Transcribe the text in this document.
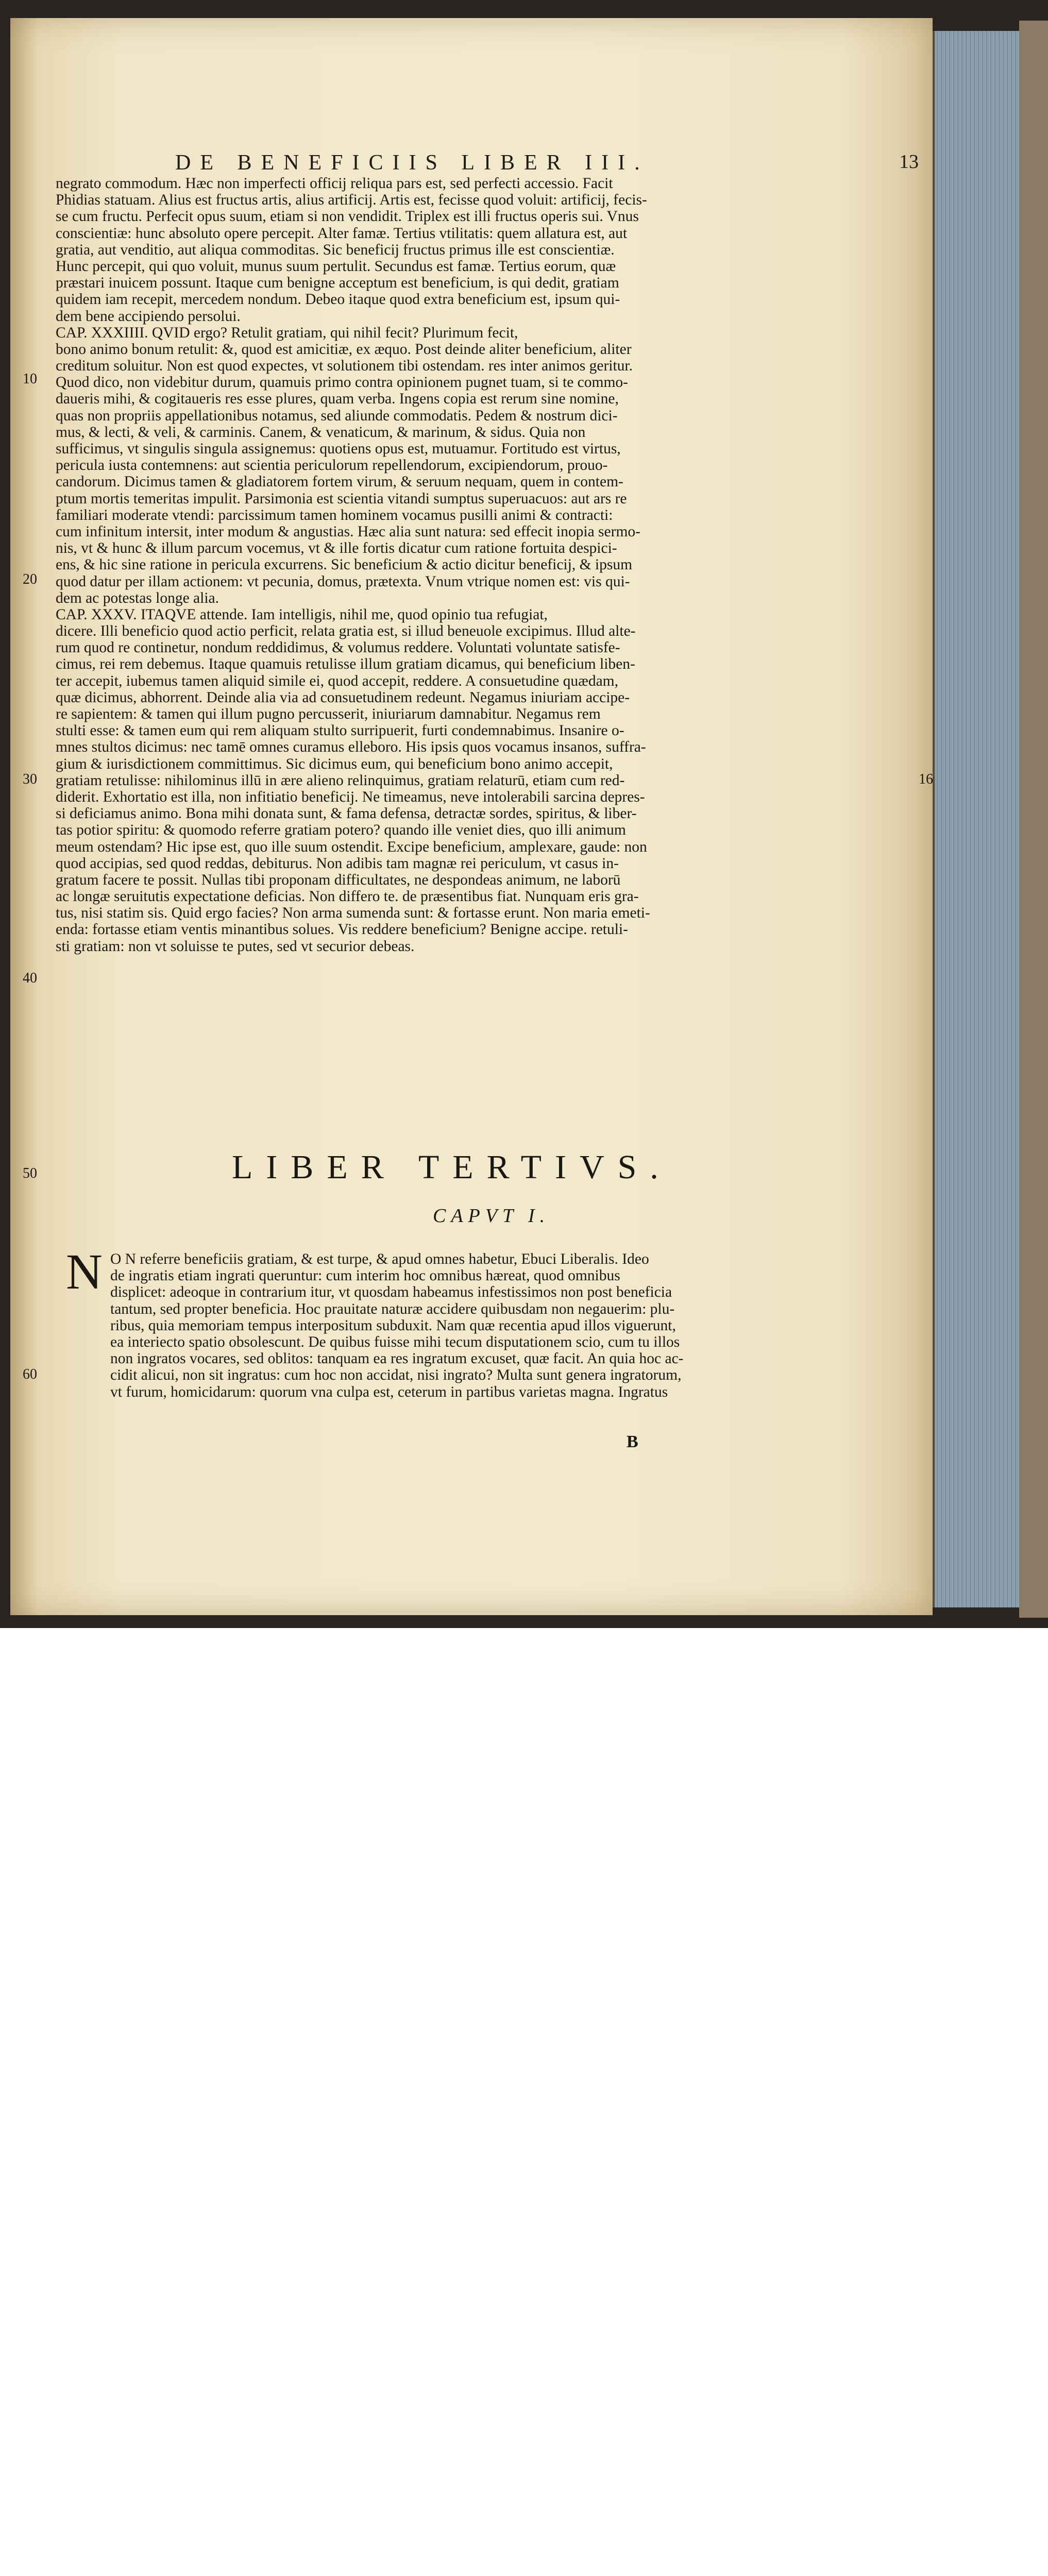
DE BENEFICIIS LIBER III.	13
10
20
30
40
50
60
16
negrato commodum. Hæc non imperfecti officij reliqua pars est, sed perfecti accessio. Facit
Phidias statuam. Alius est fructus artis, alius artificij. Artis est, fecisse quod voluit: artificij, fecis-
se cum fructu. Perfecit opus suum, etiam si non vendidit. Triplex est illi fructus operis sui. Vnus
conscientiæ: hunc absoluto opere percepit. Alter famæ. Tertius vtilitatis: quem allatura est, aut
gratia, aut venditio, aut aliqua commoditas. Sic beneficij fructus primus ille est conscientiæ.
Hunc percepit, qui quo voluit, munus suum pertulit. Secundus est famæ. Tertius eorum, quæ
præstari inuicem possunt. Itaque cum benigne acceptum est beneficium, is qui dedit, gratiam
quidem iam recepit, mercedem nondum. Debeo itaque quod extra beneficium est, ipsum qui-
dem bene accipiendo persolui.
CAP. XXXIIII. QVID ergo? Retulit gratiam, qui nihil fecit? Plurimum fecit,
bono animo bonum retulit: &, quod est amicitiæ, ex æquo. Post deinde aliter beneficium, aliter
creditum soluitur. Non est quod expectes, vt solutionem tibi ostendam. res inter animos geritur.
Quod dico, non videbitur durum, quamuis primo contra opinionem pugnet tuam, si te commo-
daueris mihi, & cogitaueris res esse plures, quam verba. Ingens copia est rerum sine nomine,
quas non propriis appellationibus notamus, sed aliunde commodatis. Pedem & nostrum dici-
mus, & lecti, & veli, & carminis. Canem, & venaticum, & marinum, & sidus. Quia non
sufficimus, vt singulis singula assignemus: quotiens opus est, mutuamur. Fortitudo est virtus,
pericula iusta contemnens: aut scientia periculorum repellendorum, excipiendorum, prouo-
candorum. Dicimus tamen & gladiatorem fortem virum, & seruum nequam, quem in contem-
ptum mortis temeritas impulit. Parsimonia est scientia vitandi sumptus superuacuos: aut ars re
familiari moderate vtendi: parcissimum tamen hominem vocamus pusilli animi & contracti:
cum infinitum intersit, inter modum & angustias. Hæc alia sunt natura: sed effecit inopia sermo-
nis, vt & hunc & illum parcum vocemus, vt & ille fortis dicatur cum ratione fortuita despici-
ens, & hic sine ratione in pericula excurrens. Sic beneficium & actio dicitur beneficij, & ipsum
quod datur per illam actionem: vt pecunia, domus, prætexta. Vnum vtrique nomen est: vis qui-
dem ac potestas longe alia.
CAP. XXXV. ITAQVE attende. Iam intelligis, nihil me, quod opinio tua refugiat,
dicere. Illi beneficio quod actio perficit, relata gratia est, si illud beneuole excipimus. Illud alte-
rum quod re continetur, nondum reddidimus, & volumus reddere. Voluntati voluntate satisfe-
cimus, rei rem debemus. Itaque quamuis retulisse illum gratiam dicamus, qui beneficium liben-
ter accepit, iubemus tamen aliquid simile ei, quod accepit, reddere. A consuetudine quædam,
quæ dicimus, abhorrent. Deinde alia via ad consuetudinem redeunt. Negamus iniuriam accipe-
re sapientem: & tamen qui illum pugno percusserit, iniuriarum damnabitur. Negamus rem
stulti esse: & tamen eum qui rem aliquam stulto surripuerit, furti condemnabimus. Insanire o-
mnes stultos dicimus: nec tamē omnes curamus elleboro. His ipsis quos vocamus insanos, suffra-
gium & iurisdictionem committimus. Sic dicimus eum, qui beneficium bono animo accepit,
gratiam retulisse: nihilominus illū in ære alieno relinquimus, gratiam relaturū, etiam cum red-
diderit. Exhortatio est illa, non infitiatio beneficij. Ne timeamus, neve intolerabili sarcina depres-
si deficiamus animo. Bona mihi donata sunt, & fama defensa, detractæ sordes, spiritus, & liber-
tas potior spiritu: & quomodo referre gratiam potero? quando ille veniet dies, quo illi animum
meum ostendam? Hic ipse est, quo ille suum ostendit. Excipe beneficium, amplexare, gaude: non
quod accipias, sed quod reddas, debiturus. Non adibis tam magnæ rei periculum, vt casus in-
gratum facere te possit. Nullas tibi proponam difficultates, ne despondeas animum, ne laborū
ac longæ seruitutis expectatione deficias. Non differo te. de præsentibus fiat. Nunquam eris gra-
tus, nisi statim sis. Quid ergo facies? Non arma sumenda sunt: & fortasse erunt. Non maria emeti-
enda: fortasse etiam ventis minantibus solues. Vis reddere beneficium? Benigne accipe. retuli-
sti gratiam: non vt soluisse te putes, sed vt securior debeas.
LIBER TERTIVS.
CAPVT I.
N O N referre beneficiis gratiam, & est turpe, & apud omnes habetur, Ebuci Liberalis. Ideo
de ingratis etiam ingrati queruntur: cum interim hoc omnibus hæreat, quod omnibus
displicet: adeoque in contrarium itur, vt quosdam habeamus infestissimos non post beneficia
tantum, sed propter beneficia. Hoc prauitate naturæ accidere quibusdam non negauerim: plu-
ribus, quia memoriam tempus interpositum subduxit. Nam quæ recentia apud illos viguerunt,
ea interiecto spatio obsolescunt. De quibus fuisse mihi tecum disputationem scio, cum tu illos
non ingratos vocares, sed oblitos: tanquam ea res ingratum excuset, quæ facit. An quia hoc ac-
cidit alicui, non sit ingratus: cum hoc non accidat, nisi ingrato? Multa sunt genera ingratorum,
vt furum, homicidarum: quorum vna culpa est, ceterum in partibus varietas magna. Ingratus
B
